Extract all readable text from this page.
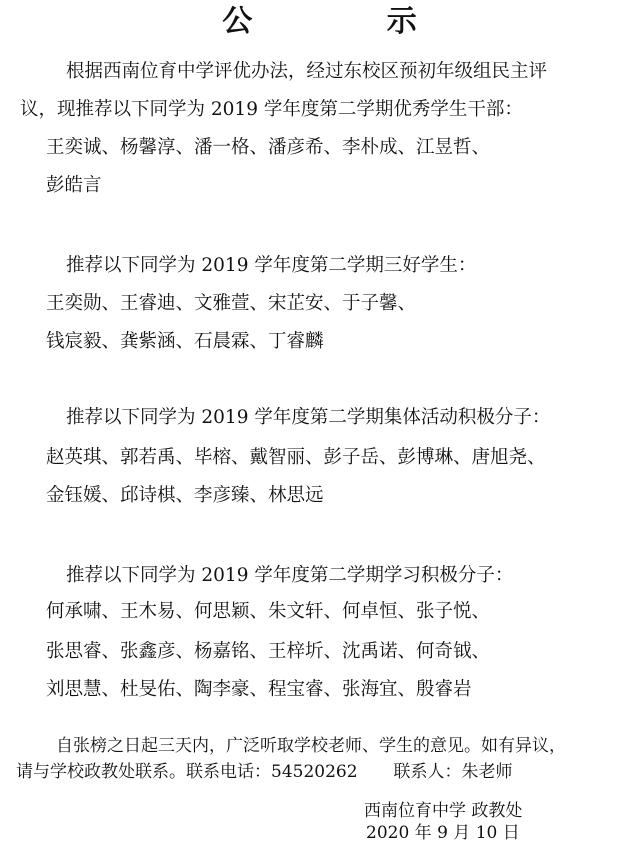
公 示
根据西南位育中学评优办法，经过东校区预初年级组民主评
议，现推荐以下同学为 2019 学年度第二学期优秀学生干部：
王奕诚、杨馨淳、潘一格、潘彦希、李朴成、江昱哲、
彭皓言
推荐以下同学为 2019 学年度第二学期三好学生：
王奕勋、王睿迪、文雅萱、宋芷安、于子馨、
钱宸毅、龚紫涵、石晨霖、丁睿麟
推荐以下同学为 2019 学年度第二学期集体活动积极分子：
赵英琪、郭若禹、毕榕、戴智丽、彭子岳、彭博琳、唐旭尧、
金钰媛、邱诗棋、李彦臻、林思远
推荐以下同学为 2019 学年度第二学期学习积极分子：
何承啸、王木易、何思颖、朱文轩、何卓恒、张子悦、
张思睿、张鑫彦、杨嘉铭、王梓圻、沈禹诺、何奇钺、
刘思慧、杜旻佑、陶李豪、程宝睿、张海宜、殷睿岩
自张榜之日起三天内，广泛听取学校老师、学生的意见。如有异议，
请与学校政教处联系。联系电话：54520262 联系人：朱老师
西南位育中学 政教处
2020 年 9 月 10 日
